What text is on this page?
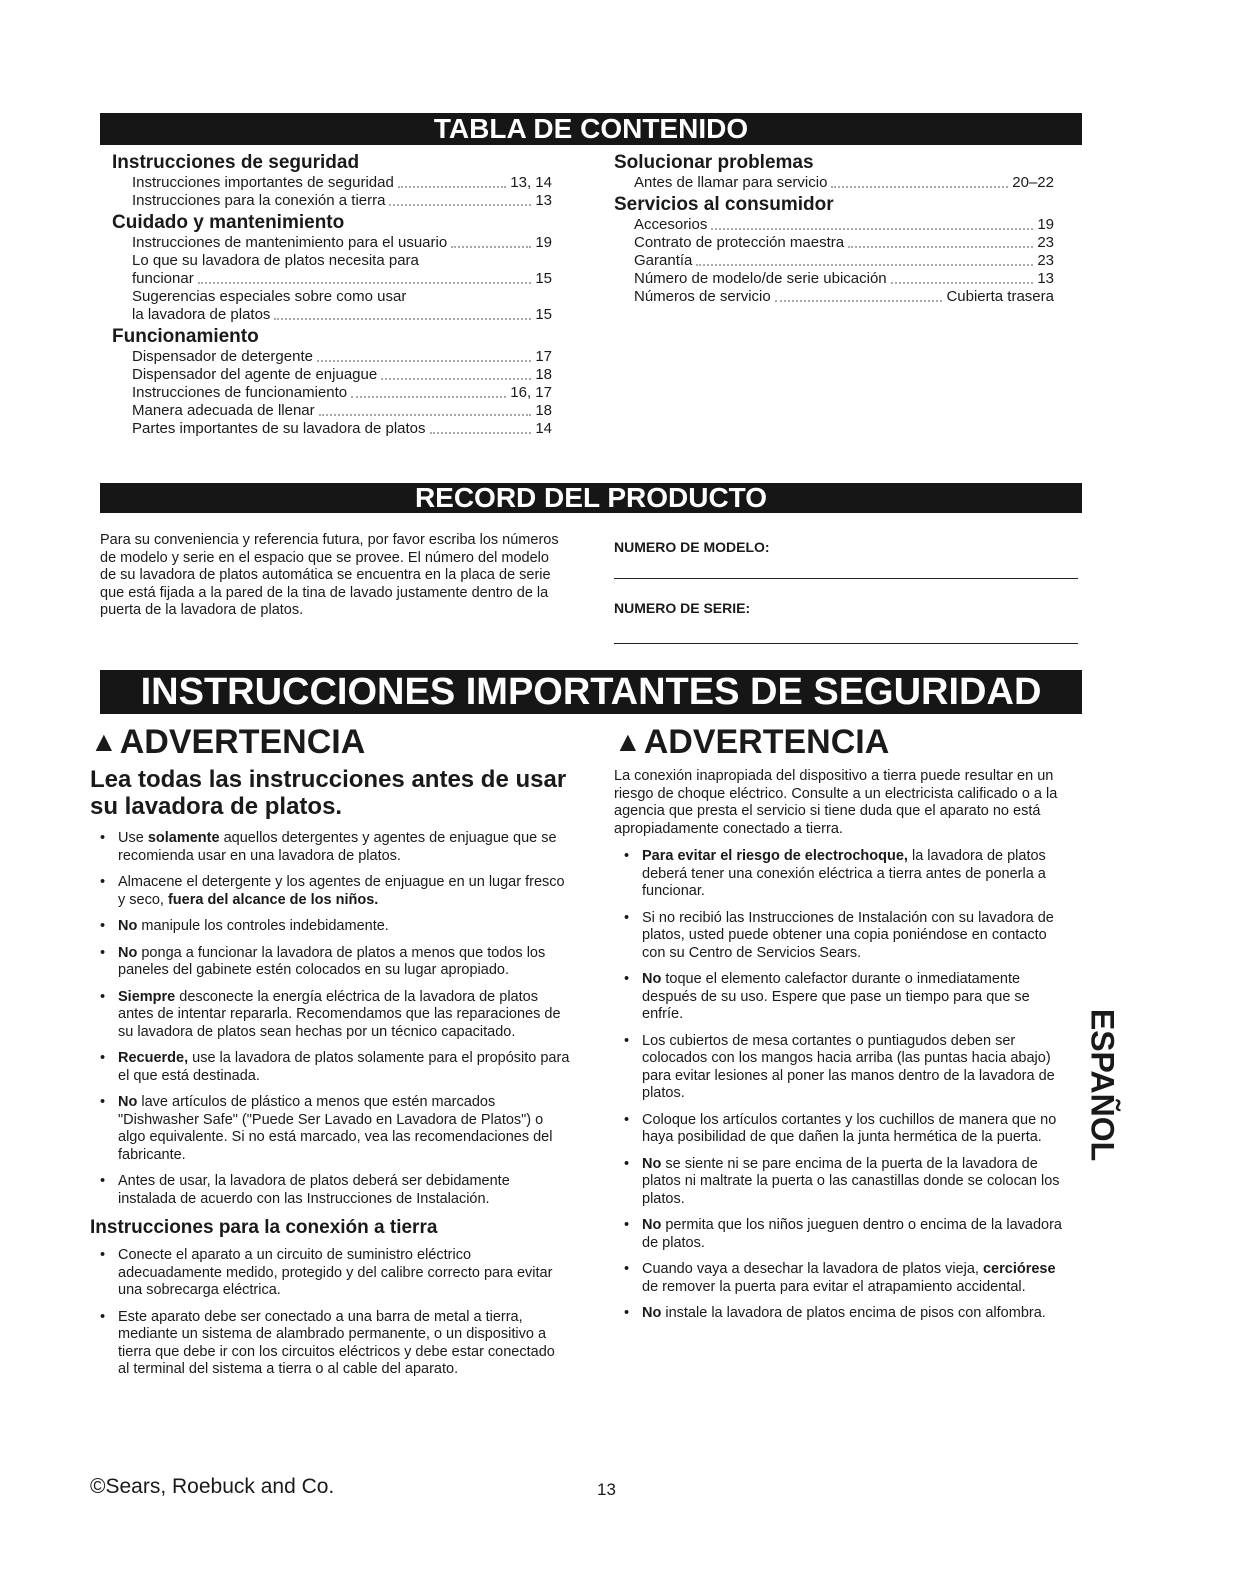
TABLA DE CONTENIDO
Instrucciones de seguridad
Instrucciones importantes de seguridad	13, 14
Instrucciones para la conexión a tierra	13
Cuidado y mantenimiento
Instrucciones de mantenimiento para el usuario	19
Lo que su lavadora de platos necesita para
funcionar	15
Sugerencias especiales sobre como usar
la lavadora de platos	15
Funcionamiento
Dispensador de detergente	17
Dispensador del agente de enjuague	18
Instrucciones de funcionamiento	16, 17
Manera adecuada de llenar	18
Partes importantes de su lavadora de platos	14
Solucionar problemas
Antes de llamar para servicio	20–22
Servicios al consumidor
Accesorios	19
Contrato de protección maestra	23
Garantía	23
Número de modelo/de serie ubicación	13
Números de servicio	Cubierta trasera
RECORD DEL PRODUCTO
Para su conveniencia y referencia futura, por favor escriba los números de modelo y serie en el espacio que se provee. El número del modelo de su lavadora de platos automática se encuentra en la placa de serie que está fijada a la pared de la tina de lavado justamente dentro de la puerta de la lavadora de platos.
NUMERO DE MODELO:
NUMERO DE SERIE:
INSTRUCCIONES IMPORTANTES DE SEGURIDAD
▲ ADVERTENCIA
Lea todas las instrucciones antes de usar su lavadora de platos.
• Use solamente aquellos detergentes y agentes de enjuague que se recomienda usar en una lavadora de platos.
• Almacene el detergente y los agentes de enjuague en un lugar fresco y seco, fuera del alcance de los niños.
• No manipule los controles indebidamente.
• No ponga a funcionar la lavadora de platos a menos que todos los paneles del gabinete estén colocados en su lugar apropiado.
• Siempre desconecte la energía eléctrica de la lavadora de platos antes de intentar repararla. Recomendamos que las reparaciones de su lavadora de platos sean hechas por un técnico capacitado.
• Recuerde, use la lavadora de platos solamente para el propósito para el que está destinada.
• No lave artículos de plástico a menos que estén marcados "Dishwasher Safe" ("Puede Ser Lavado en Lavadora de Platos") o algo equivalente. Si no está marcado, vea las recomendaciones del fabricante.
• Antes de usar, la lavadora de platos deberá ser debidamente instalada de acuerdo con las Instrucciones de Instalación.
Instrucciones para la conexión a tierra
• Conecte el aparato a un circuito de suministro eléctrico adecuadamente medido, protegido y del calibre correcto para evitar una sobrecarga eléctrica.
• Este aparato debe ser conectado a una barra de metal a tierra, mediante un sistema de alambrado permanente, o un dispositivo a tierra que debe ir con los circuitos eléctricos y debe estar conectado al terminal del sistema a tierra o al cable del aparato.
▲ ADVERTENCIA
La conexión inapropiada del dispositivo a tierra puede resultar en un riesgo de choque eléctrico. Consulte a un electricista calificado o a la agencia que presta el servicio si tiene duda que el aparato no está apropiadamente conectado a tierra.
• Para evitar el riesgo de electrochoque, la lavadora de platos deberá tener una conexión eléctrica a tierra antes de ponerla a funcionar.
• Si no recibió las Instrucciones de Instalación con su lavadora de platos, usted puede obtener una copia poniéndose en contacto con su Centro de Servicios Sears.
• No toque el elemento calefactor durante o inmediatamente después de su uso. Espere que pase un tiempo para que se enfríe.
• Los cubiertos de mesa cortantes o puntiagudos deben ser colocados con los mangos hacia arriba (las puntas hacia abajo) para evitar lesiones al poner las manos dentro de la lavadora de platos.
• Coloque los artículos cortantes y los cuchillos de manera que no haya posibilidad de que dañen la junta hermética de la puerta.
• No se siente ni se pare encima de la puerta de la lavadora de platos ni maltrate la puerta o las canastillas donde se colocan los platos.
• No permita que los niños jueguen dentro o encima de la lavadora de platos.
• Cuando vaya a desechar la lavadora de platos vieja, cerciórese de remover la puerta para evitar el atrapamiento accidental.
• No instale la lavadora de platos encima de pisos con alfombra.
ESPAÑOL
©Sears, Roebuck and Co.	13
